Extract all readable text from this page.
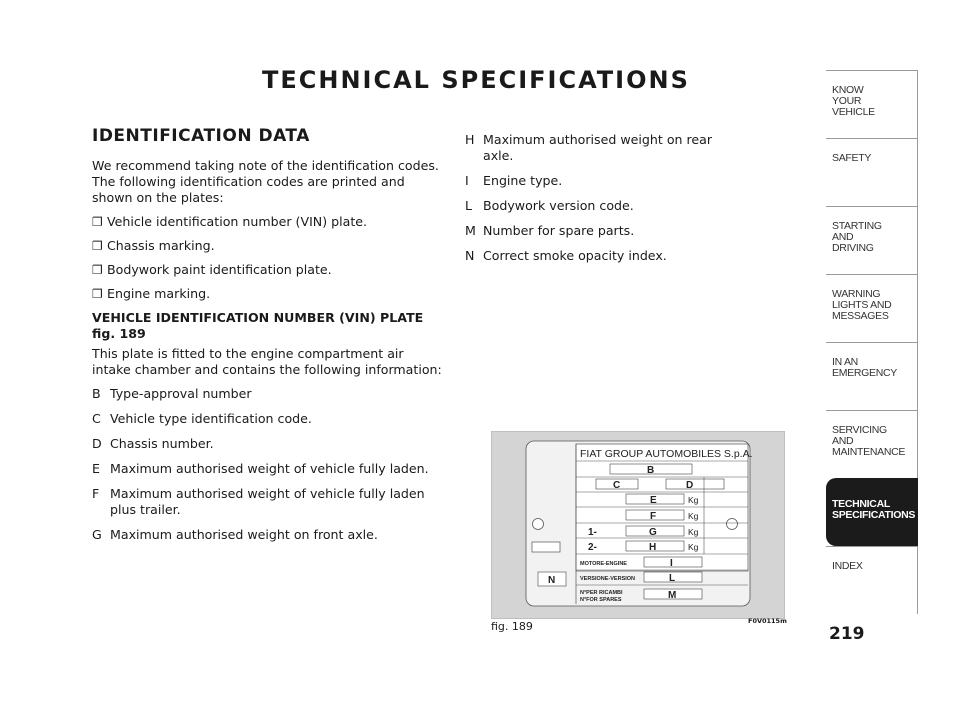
TECHNICAL SPECIFICATIONS
IDENTIFICATION DATA
We recommend taking note of the identification codes. The following identification codes are printed and shown on the plates:
❒ Vehicle identification number (VIN) plate.
❒ Chassis marking.
❒ Bodywork paint identification plate.
❒ Engine marking.
VEHICLE IDENTIFICATION NUMBER (VIN) PLATE fig. 189
This plate is fitted to the engine compartment air intake chamber and contains the following information:
B Type-approval number
C Vehicle type identification code.
D Chassis number.
E Maximum authorised weight of vehicle fully laden.
F Maximum authorised weight of vehicle fully laden plus trailer.
G Maximum authorised weight on front axle.
H Maximum authorised weight on rear axle.
I	Engine type.
L Bodywork version code.
M Number for spare parts.
N Correct smoke opacity index.
FIAT GROUP AUTOMOBILES S.p.A.
B
C	D
E	Kg
F	Kg
1-	G	Kg
2-	H	Kg
N
MOTORE-ENGINE	I
VERSIONE-VERSION	L
N°PER RICAMBI
N°FOR SPARES	M
fig. 189	F0V0115m
KNOW
YOUR
VEHICLE
SAFETY
STARTING
AND
DRIVING
WARNING
LIGHTS AND
MESSAGES
IN AN
EMERGENCY
SERVICING
AND
MAINTENANCE
TECHNICAL
SPECIFICATIONS
INDEX
219
